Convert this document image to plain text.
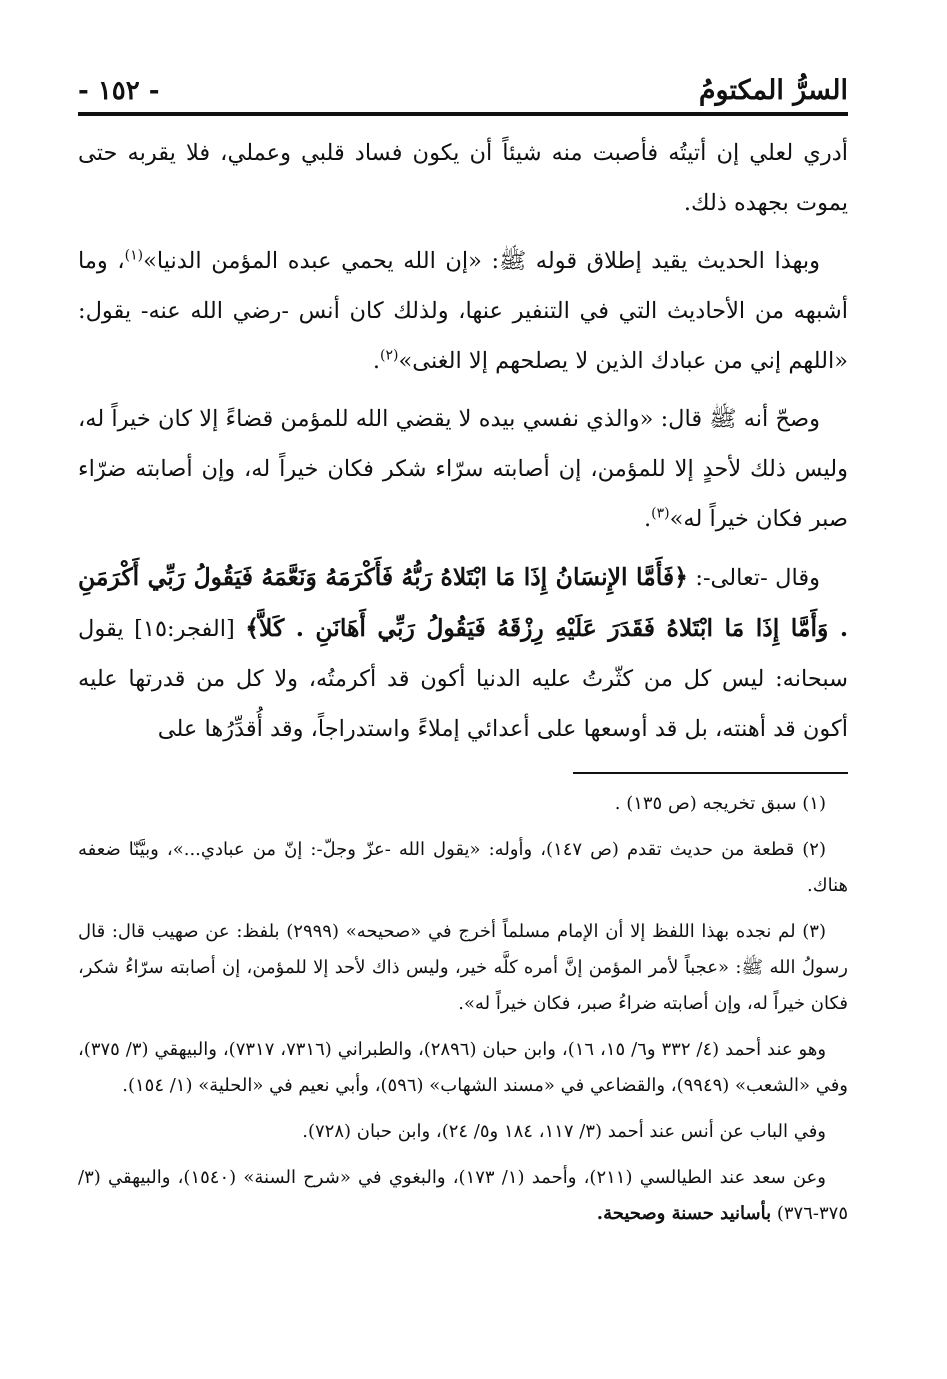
السرُّ المكتومُ
- ١٥٢ -

أدري لعلي إن أتيتُه فأصبت منه شيئاً أن يكون فساد قلبي وعملي، فلا يقربه حتى يموت بجهده ذلك.

وبهذا الحديث يقيد إطلاق قوله ﷺ: «إن الله يحمي عبده المؤمن الدنيا»$^{(١)}$، وما أشبهه من الأحاديث التي في التنفير عنها، ولذلك كان أنس -رضي الله عنه- يقول: «اللهم إني من عبادك الذين لا يصلحهم إلا الغنى»$^{(٢)}$.

وصحّ أنه ﷺ قال: «والذي نفسي بيده لا يقضي الله للمؤمن قضاءً إلا كان خيراً له، وليس ذلك لأحدٍ إلا للمؤمن، إن أصابته سرّاء شكر فكان خيراً له، وإن أصابته ضرّاء صبر فكان خيراً له»$^{(٣)}$.

وقال -تعالى-: ﴿فَأَمَّا الإِنسَانُ إِذَا مَا ابْتَلاهُ رَبُّهُ فَأَكْرَمَهُ وَنَعَّمَهُ فَيَقُولُ رَبِّي أَكْرَمَنِ . وَأَمَّا إِذَا مَا ابْتَلاهُ فَقَدَرَ عَلَيْهِ رِزْقَهُ فَيَقُولُ رَبِّي أَهَانَنِ . كَلاَّ﴾ [الفجر:١٥] يقول سبحانه: ليس كل من كثّرتُ عليه الدنيا أكون قد أكرمتُه، ولا كل من قدرتها عليه أكون قد أهنته، بل قد أوسعها على أعدائي إملاءً واستدراجاً، وقد أُقدِّرُها على

(١) سبق تخريجه (ص ١٣٥) .

(٢) قطعة من حديث تقدم (ص ١٤٧)، وأوله: «يقول الله -عزّ وجلّ-: إنّ من عبادي...»، وبيَّنّا ضعفه هناك.

(٣) لم نجده بهذا اللفظ إلا أن الإمام مسلماً أخرج في «صحيحه» (٢٩٩٩) بلفظ: عن صهيب قال: قال رسولُ الله ﷺ: «عجباً لأمر المؤمن إنَّ أمره كلَّه خير، وليس ذاك لأحد إلا للمؤمن، إن أصابته سرّاءُ شكر، فكان خيراً له، وإن أصابته ضراءُ صبر، فكان خيراً له».

وهو عند أحمد (٤/ ٣٣٢ و٦/ ١٥، ١٦)، وابن حبان (٢٨٩٦)، والطبراني (٧٣١٦، ٧٣١٧)، والبيهقي (٣/ ٣٧٥)، وفي «الشعب» (٩٩٤٩)، والقضاعي في «مسند الشهاب» (٥٩٦)، وأبي نعيم في «الحلية» (١/ ١٥٤).

وفي الباب عن أنس عند أحمد (٣/ ١١٧، ١٨٤ و٥/ ٢٤)، وابن حبان (٧٢٨).

وعن سعد عند الطيالسي (٢١١)، وأحمد (١/ ١٧٣)، والبغوي في «شرح السنة» (١٥٤٠)، والبيهقي (٣/ ٣٧٥-٣٧٦) بأسانيد حسنة وصحيحة.
